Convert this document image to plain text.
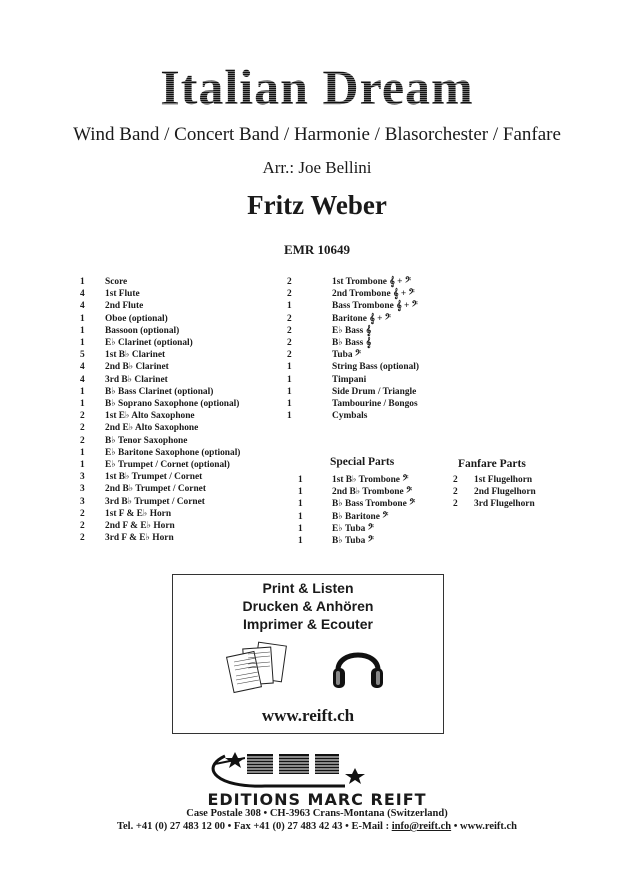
Italian Dream
Wind Band / Concert Band / Harmonie / Blasorchester / Fanfare
Arr.: Joe Bellini
Fritz Weber
EMR 10649
1	Score
4	1st Flute
4	2nd Flute
1	Oboe (optional)
1	Bassoon (optional)
1	E♭ Clarinet (optional)
5	1st B♭ Clarinet
4	2nd B♭ Clarinet
4	3rd B♭ Clarinet
1	B♭ Bass Clarinet (optional)
1	B♭ Soprano Saxophone (optional)
2	1st E♭ Alto Saxophone
2	2nd E♭ Alto Saxophone
2	B♭ Tenor Saxophone
1	E♭ Baritone Saxophone (optional)
1	E♭ Trumpet / Cornet (optional)
3	1st B♭ Trumpet / Cornet
3	2nd B♭ Trumpet / Cornet
3	3rd B♭ Trumpet / Cornet
2	1st F & E♭ Horn
2	2nd F & E♭ Horn
2	3rd F & E♭ Horn
2	1st Trombone 𝄞 + 𝄢
2	2nd Trombone 𝄞 + 𝄢
1	Bass Trombone 𝄞 + 𝄢
2	Baritone 𝄞 + 𝄢
2	E♭ Bass 𝄞
2	B♭ Bass 𝄞
2	Tuba 𝄢
1	String Bass (optional)
1	Timpani
1	Side Drum / Triangle
1	Tambourine / Bongos
1	Cymbals
Special Parts
1	1st B♭ Trombone 𝄢
1	2nd B♭ Trombone 𝄢
1	B♭ Bass Trombone 𝄢
1	B♭ Baritone 𝄢
1	E♭ Tuba 𝄢
1	B♭ Tuba 𝄢
Fanfare Parts
2	1st Flugelhorn
2	2nd Flugelhorn
2	3rd Flugelhorn
Print & Listen
Drucken & Anhören
Imprimer & Ecouter
www.reift.ch
EDITIONS MARC REIFT
Case Postale 308 • CH-3963 Crans-Montana (Switzerland)
Tel. +41 (0) 27 483 12 00 • Fax +41 (0) 27 483 42 43 • E-Mail : info@reift.ch • www.reift.ch
